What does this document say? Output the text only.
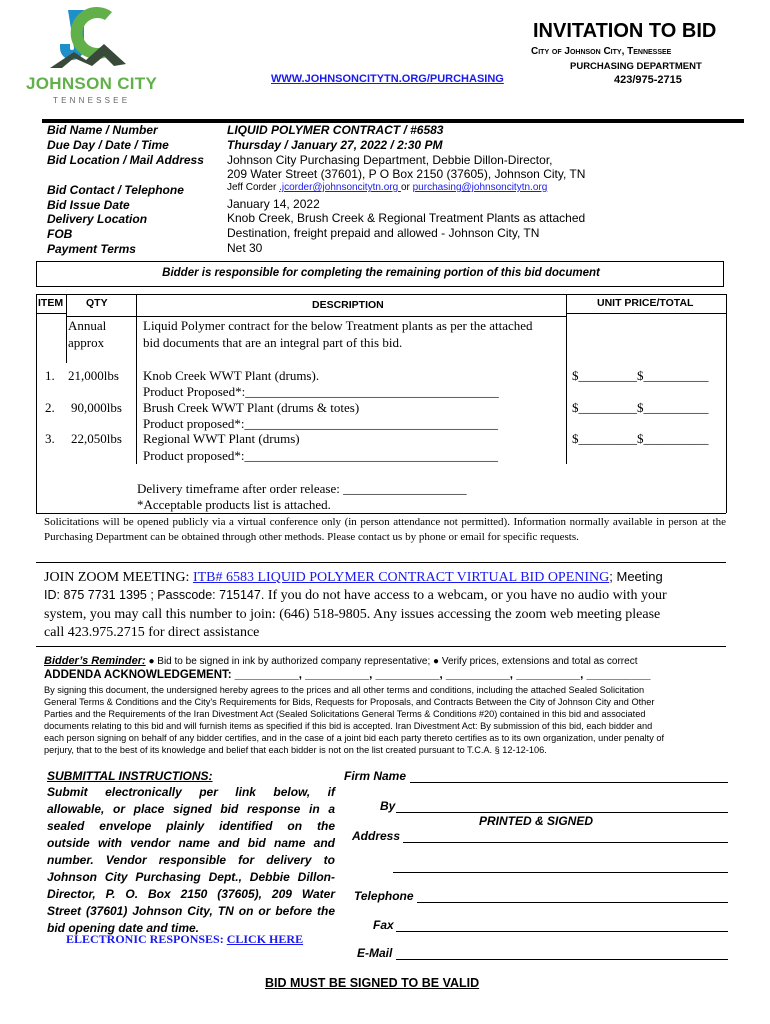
JOHNSON CITY
TENNESSEE
INVITATION TO BID
City of Johnson City, Tennessee
PURCHASING DEPARTMENT
423/975-2715
WWW.JOHNSONCITYTN.ORG/PURCHASING
Bid Name / Number	LIQUID POLYMER CONTRACT / #6583
Due Day / Date / Time	Thursday / January 27, 2022 / 2:30 PM
Bid Location / Mail Address Johnson City Purchasing Department, Debbie Dillon-Director,
209 Water Street (37601), P O Box 2150 (37605), Johnson City, TN
Bid Contact / Telephone	Jeff Corder .jcorder@johnsoncitytn.org or purchasing@johnsoncitytn.org
Bid Issue Date	January 14, 2022
Delivery Location	Knob Creek, Brush Creek & Regional Treatment Plants as attached
FOB	Destination, freight prepaid and allowed - Johnson City, TN
Payment Terms	Net 30
Bidder is responsible for completing the remaining portion of this bid document
ITEM QTY	DESCRIPTION	UNIT PRICE/TOTAL
Annual
approx
Liquid Polymer contract for the below Treatment plants as per the attached
bid documents that are an integral part of this bid.
1. 21,000lbs Knob Creek WWT Plant (drums).
Product Proposed*:_______________________________________
$_________$__________
2. 90,000lbs Brush Creek WWT Plant (drums & totes)
Product proposed*:_______________________________________
$_________$__________
3. 22,050lbs Regional WWT Plant (drums)
Product proposed*:_______________________________________
$_________$__________
Delivery timeframe after order release: ___________________
*Acceptable products list is attached.
Solicitations will be opened publicly via a virtual conference only (in person attendance not permitted). Information normally available in person at the Purchasing Department can be obtained through other methods. Please contact us by phone or email for specific requests.
JOIN ZOOM MEETING: ITB# 6583 LIQUID POLYMER CONTRACT VIRTUAL BID OPENING; Meeting
ID: 875 7731 1395 ; Passcode: 715147. If you do not have access to a webcam, or you have no audio with your
system, you may call this number to join: (646) 518-9805. Any issues accessing the zoom web meeting please
call 423.975.2715 for direct assistance
Bidder’s Reminder: ● Bid to be signed in ink by authorized company representative; ● Verify prices, extensions and total as correct
ADDENDA ACKNOWLEDGEMENT: __________, __________, __________, __________, __________, __________
By signing this document, the undersigned hereby agrees to the prices and all other terms and conditions, including the attached Sealed Solicitation
General Terms & Conditions and the City’s Requirements for Bids, Requests for Proposals, and Contracts Between the City of Johnson City and Other
Parties and the Requirements of the Iran Divestment Act (Sealed Solicitations General Terms & Conditions #20) contained in this bid and associated
documents relating to this bid and will furnish items as specified if this bid is accepted. Iran Divestment Act: By submission of this bid, each bidder and
each person signing on behalf of any bidder certifies, and in the case of a joint bid each party thereto certifies as to its own organization, under penalty of
perjury, that to the best of its knowledge and belief that each bidder is not on the list created pursuant to T.C.A. § 12-12-106.
SUBMITTAL INSTRUCTIONS:
Submit electronically per link below, if
allowable, or place signed bid response in a
sealed envelope plainly identified on the
outside with vendor name and bid name and
number. Vendor responsible for delivery to
Johnson City Purchasing Dept., Debbie Dillon-
Director, P. O. Box 2150 (37605), 209 Water
Street (37601) Johnson City, TN on or before the
bid opening date and time.
ELECTRONIC RESPONSES: CLICK HERE
Firm Name
By
PRINTED & SIGNED
Address
Telephone
Fax
E-Mail
BID MUST BE SIGNED TO BE VALID
